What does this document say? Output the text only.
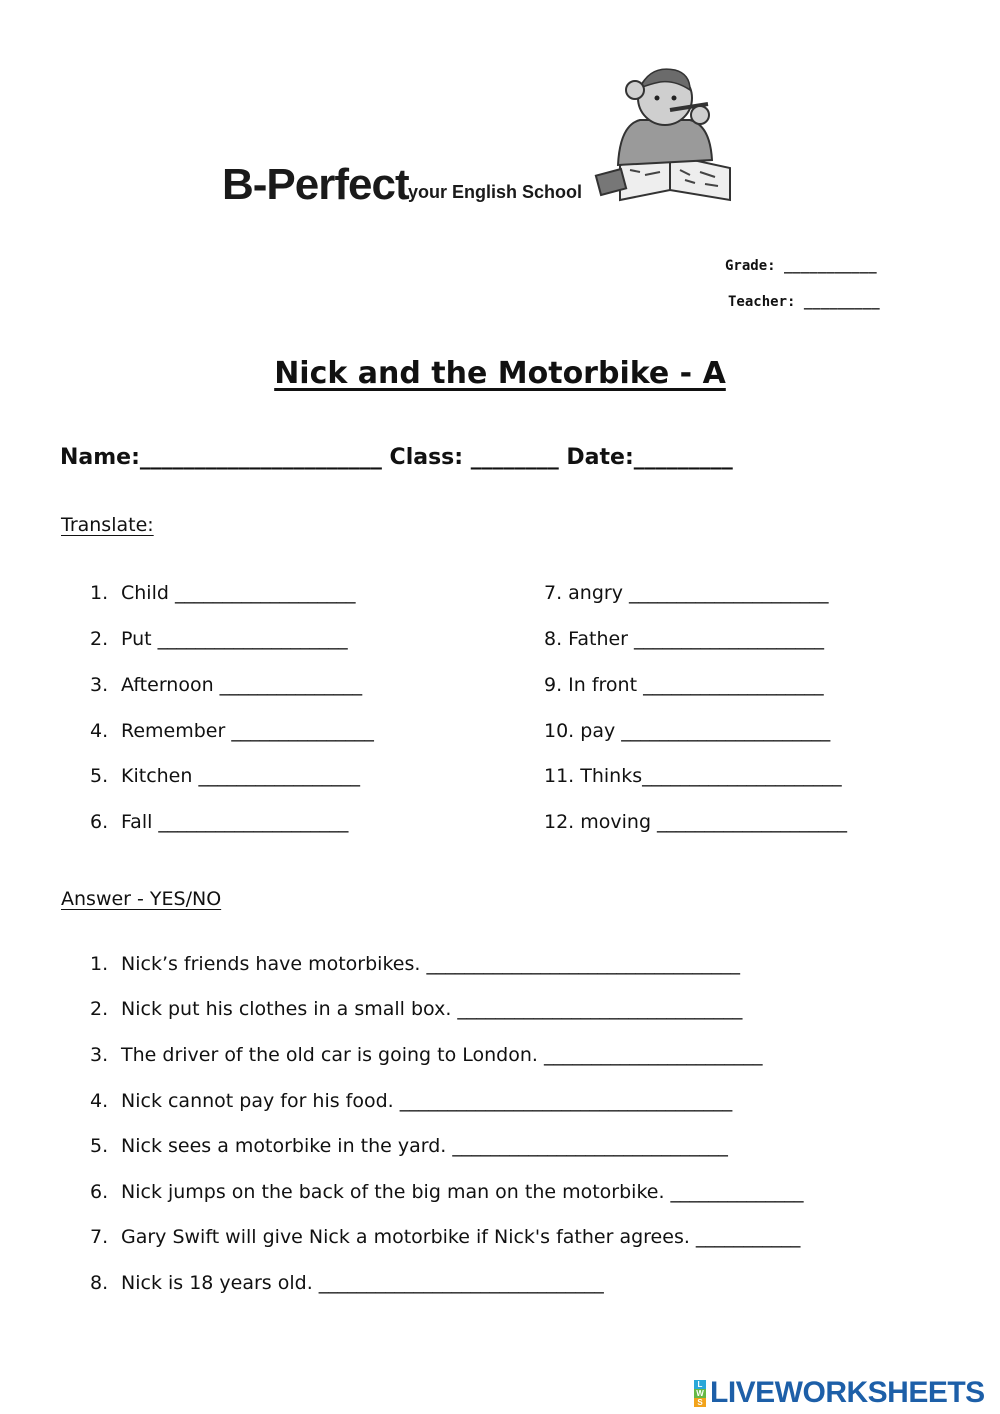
B-Perfect your English School
Grade: ___________
Teacher: _________
Nick and the Motorbike - A
Name:______________________ Class: ________ Date:_________
Translate:
1. Child ___________________
2. Put ____________________
3. Afternoon _______________
4. Remember _______________
5. Kitchen _________________
6. Fall ____________________
7. angry _____________________
8. Father ____________________
9. In front ___________________
10. pay ______________________
11. Thinks_____________________
12. moving ____________________
Answer - YES/NO
1. Nick’s friends have motorbikes. _________________________________
2. Nick put his clothes in a small box. ______________________________
3. The driver of the old car is going to London. _______________________
4. Nick cannot pay for his food. ___________________________________
5. Nick sees a motorbike in the yard. _____________________________
6. Nick jumps on the back of the big man on the motorbike. ______________
7. Gary Swift will give Nick a motorbike if Nick's father agrees. ___________
8. Nick is 18 years old. ______________________________
L
W
S LIVEWORKSHEETS
